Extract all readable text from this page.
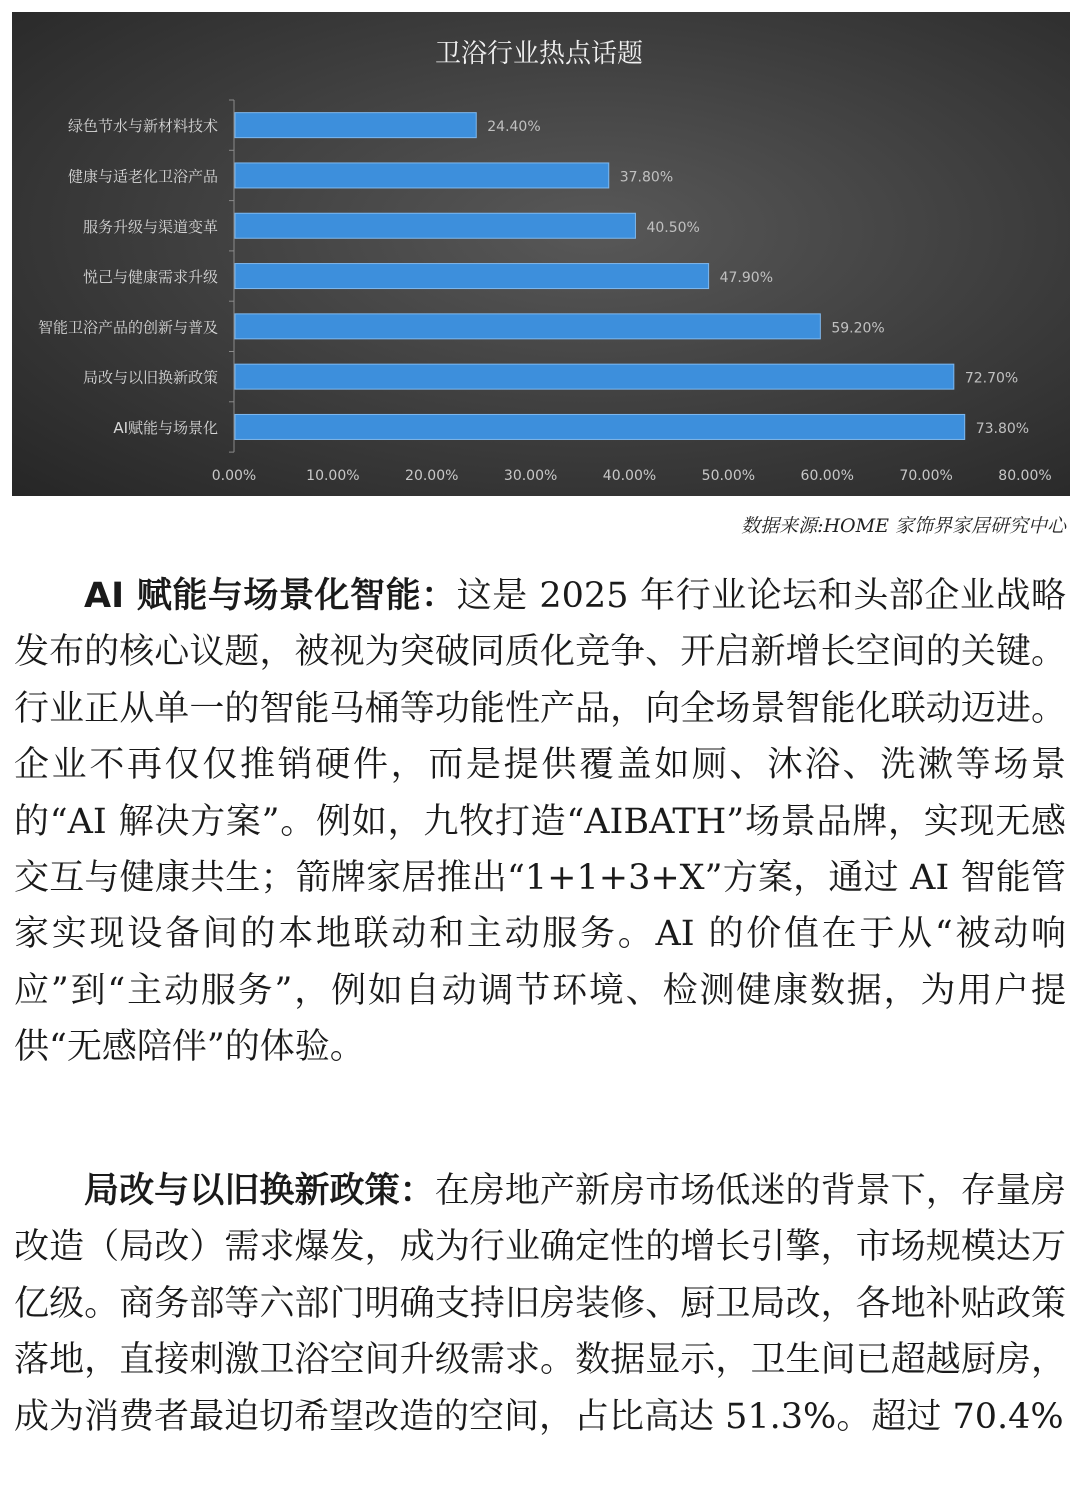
卫浴行业热点话题
0.00%	10.00%	20.00%	30.00%	40.00%	50.00%	60.00%	70.00%	80.00%
绿色节水与新材料技术	24.40%
健康与适老化卫浴产品	37.80%
服务升级与渠道变革	40.50%
悦己与健康需求升级	47.90%
智能卫浴产品的创新与普及	59.20%
局改与以旧换新政策	72.70%
AI赋能与场景化	73.80%
数据来源:HOME 家饰界家居研究中心

AI 赋能与场景化智能：这是 2025 年行业论坛和头部企业战略发布的核心议题，被视为突破同质化竞争、开启新增长空间的关键。行业正从单一的智能马桶等功能性产品，向全场景智能化联动迈进。企业不再仅仅推销硬件，而是提供覆盖如厕、沐浴、洗漱等场景的“AI 解决方案”。例如，九牧打造“AIBATH”场景品牌，实现无感交互与健康共生；箭牌家居推出“1+1+3+X”方案，通过 AI 智能管家实现设备间的本地联动和主动服务。AI 的价值在于从“被动响应”到“主动服务”，例如自动调节环境、检测健康数据，为用户提供“无感陪伴”的体验。

局改与以旧换新政策：在房地产新房市场低迷的背景下，存量房改造（局改）需求爆发，成为行业确定性的增长引擎，市场规模达万亿级。商务部等六部门明确支持旧房装修、厨卫局改，各地补贴政策落地，直接刺激卫浴空间升级需求。数据显示，卫生间已超越厨房，成为消费者最迫切希望改造的空间，占比高达 51.3%。超过 70.4%
